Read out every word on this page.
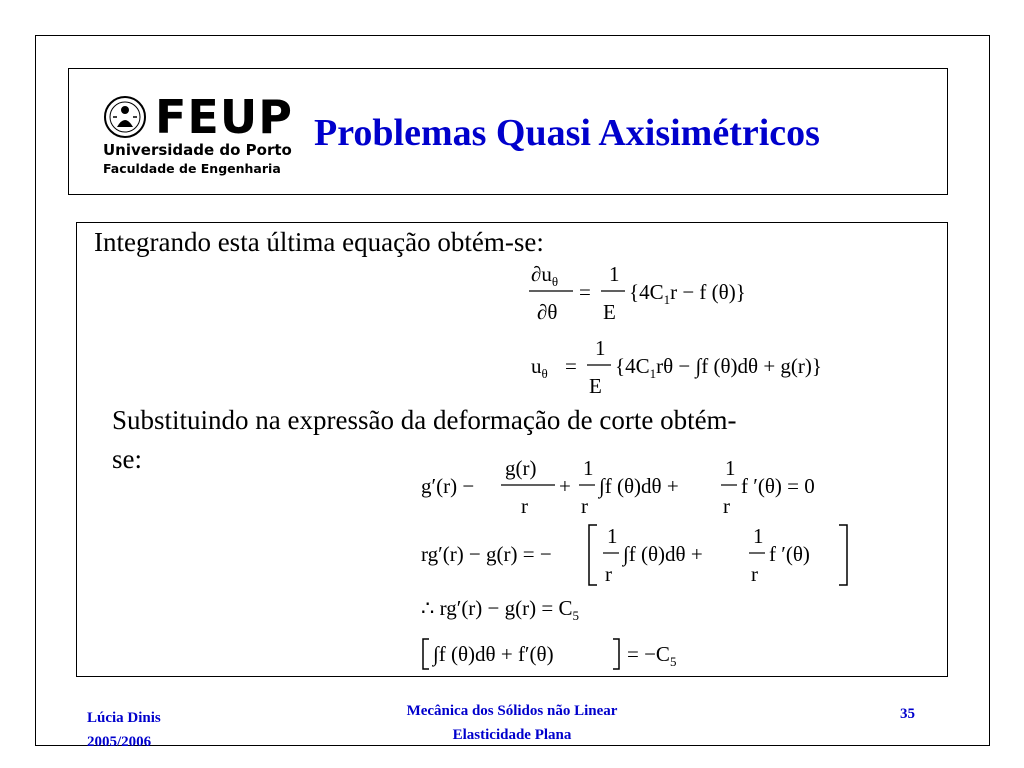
FEUP
Universidade do Porto
Faculdade de Engenharia
Problemas Quasi Axisimétricos
Integrando esta última equação obtém-se:
$\partial u_\theta$
∂θ
=
1
E
{$4C_1r - f$ (θ)}
$u_\theta$ =
1
E
{$4C_1r\theta - \int f$ (θ)dθ + g(r)}
Substituindo na expressão da deformação de corte obtém-
se:
g′(r) −
g(r)
r
+
1
r
∫f (θ)dθ +
1
r
f ′(θ) = 0
rg′(r) − g(r) = −
1
r
∫f (θ)dθ +
1
r
f ′(θ)
∴ $rg'(r) - g(r) = C_5$
∫f (θ)dθ + f′(θ)	= $-C_5$
Lúcia Dinis
2005/2006
Mecânica dos Sólidos não Linear
Elasticidade Plana
35
